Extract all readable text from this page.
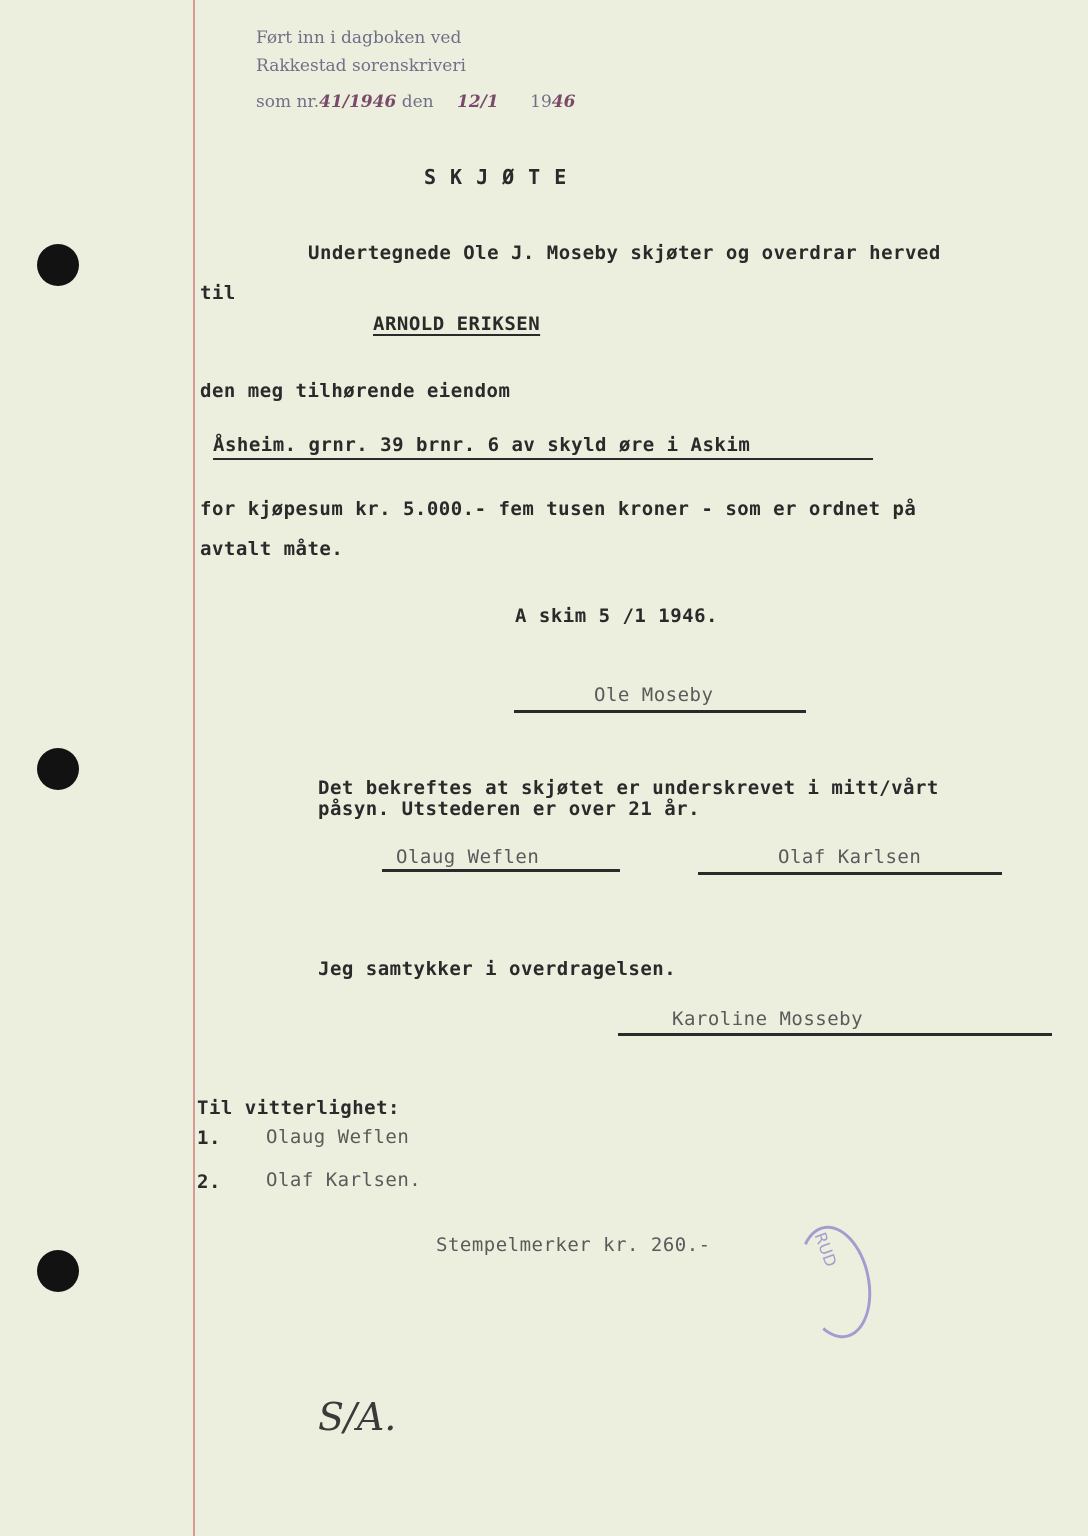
Ført inn i dagboken ved
Rakkestad sorenskriveri
som nr.41/1946 den 12/1 1946
SKJØTE
Undertegnede Ole J. Moseby skjøter og overdrar herved
til
ARNOLD ERIKSEN
den meg tilhørende eiendom
Åsheim. grnr. 39 brnr. 6 av skyld øre i Askim
for kjøpesum kr. 5.000.- fem tusen kroner - som er ordnet på
avtalt måte.
A skim 5 /1 1946.
Ole Moseby
Det bekreftes at skjøtet er underskrevet i mitt/vårt
påsyn. Utstederen er over 21 år.
Olaug Weflen	Olaf Karlsen
Jeg samtykker i overdragelsen.
Karoline Mosseby
Til vitterlighet:
1. Olaug Weflen
2. Olaf Karlsen.
Stempelmerker kr. 260.-	RUD
S/A.
